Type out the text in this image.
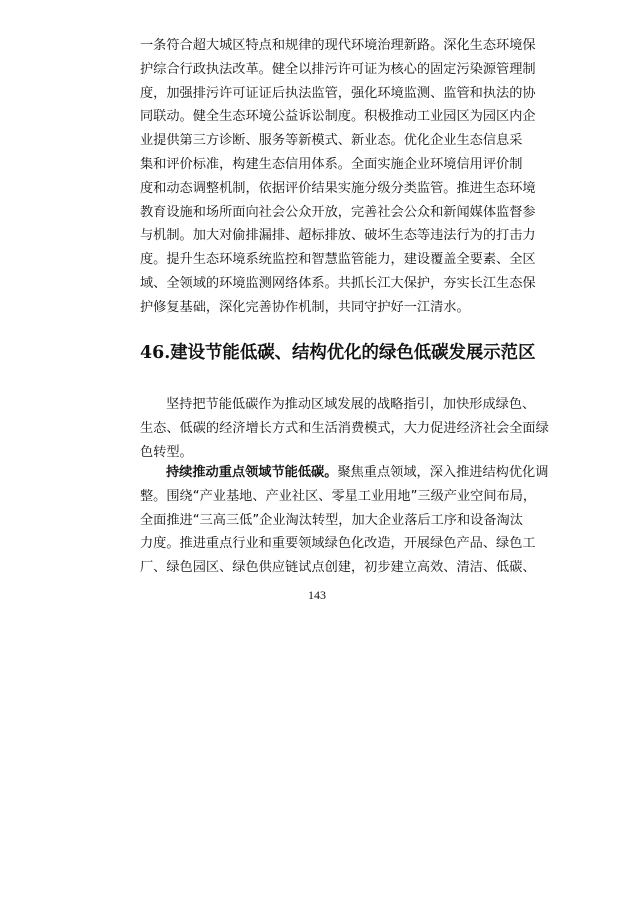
一条符合超大城区特点和规律的现代环境治理新路。深化生态环境保
护综合行政执法改革。健全以排污许可证为核心的固定污染源管理制
度，加强排污许可证证后执法监管，强化环境监测、监管和执法的协
同联动。健全生态环境公益诉讼制度。积极推动工业园区为园区内企
业提供第三方诊断、服务等新模式、新业态。优化企业生态信息采
集和评价标准，构建生态信用体系。全面实施企业环境信用评价制
度和动态调整机制，依据评价结果实施分级分类监管。推进生态环境
教育设施和场所面向社会公众开放，完善社会公众和新闻媒体监督参
与机制。加大对偷排漏排、超标排放、破坏生态等违法行为的打击力
度。提升生态环境系统监控和智慧监管能力，建设覆盖全要素、全区
域、全领域的环境监测网络体系。共抓长江大保护，夯实长江生态保
护修复基础，深化完善协作机制，共同守护好一江清水。
46.建设节能低碳、结构优化的绿色低碳发展示范区
坚持把节能低碳作为推动区域发展的战略指引，加快形成绿色、
生态、低碳的经济增长方式和生活消费模式，大力促进经济社会全面绿
色转型。
持续推动重点领域节能低碳。聚焦重点领域，深入推进结构优化调
整。围绕“产业基地、产业社区、零星工业用地”三级产业空间布局，
全面推进“三高三低”企业淘汰转型，加大企业落后工序和设备淘汰
力度。推进重点行业和重要领域绿色化改造，开展绿色产品、绿色工
厂、绿色园区、绿色供应链试点创建，初步建立高效、清洁、低碳、
143
